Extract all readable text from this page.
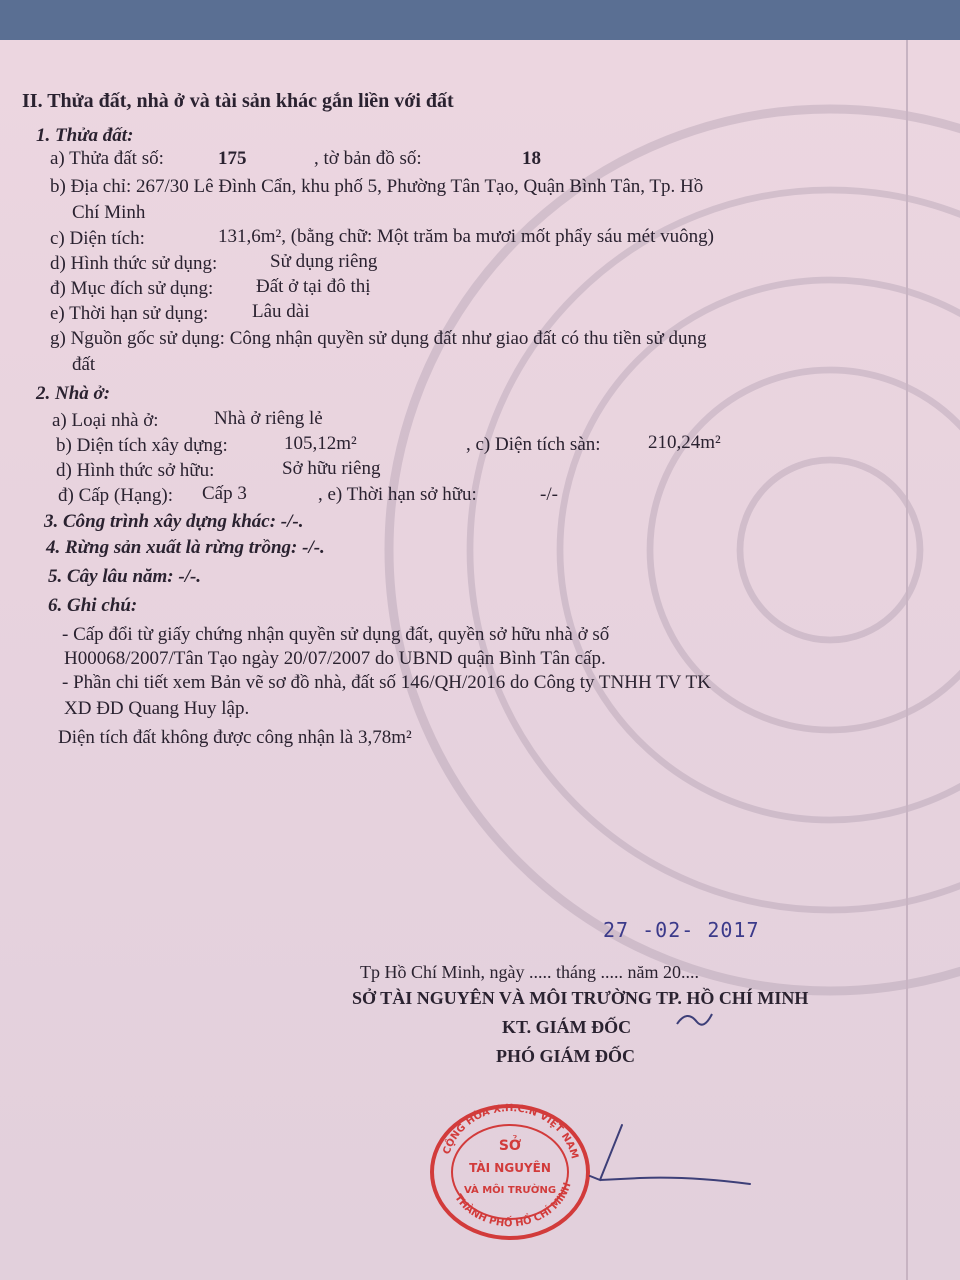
II. Thửa đất, nhà ở và tài sản khác gắn liền với đất
1. Thửa đất:
a) Thửa đất số:	175	, tờ bản đồ số:	18
b) Địa chỉ: 267/30 Lê Đình Cẩn, khu phố 5, Phường Tân Tạo, Quận Bình Tân, Tp. Hồ
Chí Minh
c) Diện tích:	131,6m², (bằng chữ: Một trăm ba mươi mốt phẩy sáu mét vuông)
d) Hình thức sử dụng:	Sử dụng riêng
đ) Mục đích sử dụng: Đất ở tại đô thị
e) Thời hạn sử dụng: Lâu dài
g) Nguồn gốc sử dụng: Công nhận quyền sử dụng đất như giao đất có thu tiền sử dụng
đất
2. Nhà ở:
a) Loại nhà ở:	Nhà ở riêng lẻ
b) Diện tích xây dựng:	105,12m²	, c) Diện tích sàn: 210,24m²
d) Hình thức sở hữu:	Sở hữu riêng
đ) Cấp (Hạng): Cấp 3	, e) Thời hạn sở hữu:	-/-
3. Công trình xây dựng khác: -/-.
4. Rừng sản xuất là rừng trồng: -/-.
5. Cây lâu năm: -/-.
6. Ghi chú:
- Cấp đổi từ giấy chứng nhận quyền sử dụng đất, quyền sở hữu nhà ở số
H00068/2007/Tân Tạo ngày 20/07/2007 do UBND quận Bình Tân cấp.
- Phần chi tiết xem Bản vẽ sơ đồ nhà, đất số 146/QH/2016 do Công ty TNHH TV TK
XD ĐD Quang Huy lập.
Diện tích đất không được công nhận là 3,78m²
27 -02- 2017
Tp Hồ Chí Minh, ngày ..... tháng ..... năm 20....
SỞ TÀI NGUYÊN VÀ MÔI TRƯỜNG TP. HỒ CHÍ MINH
KT. GIÁM ĐỐC
PHÓ GIÁM ĐỐC
CỘNG HÒA X.H.C.N VIỆT NAM
THÀNH PHỐ HỒ CHÍ MINH
SỞ
TÀI NGUYÊN
VÀ MÔI TRƯỜNG
